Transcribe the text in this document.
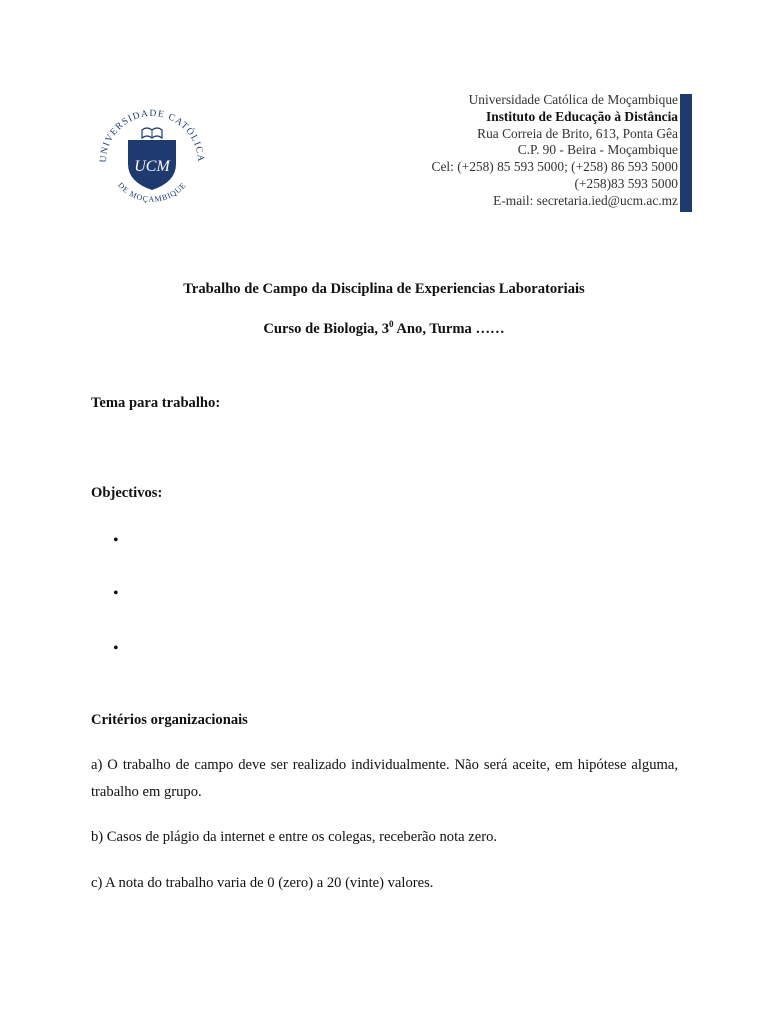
UNIVERSIDADE CATÓLICA
DE MOÇAMBIQUE
UCM
Universidade Católica de Moçambique
Instituto de Educação à Distância
Rua Correia de Brito, 613, Ponta Gêa
C.P. 90 - Beira - Moçambique
Cel: (+258) 85 593 5000; (+258) 86 593 5000
(+258)83 593 5000
E-mail: secretaria.ied@ucm.ac.mz
Trabalho de Campo da Disciplina de Experiencias Laboratoriais
Curso de Biologia, $3^0$ Ano, Turma ……
Tema para trabalho:
Objectivos:
•
•
•
Critérios organizacionais
a) O trabalho de campo deve ser realizado individualmente. Não será aceite, em hipótese alguma, trabalho em grupo.
b) Casos de plágio da internet e entre os colegas, receberão nota zero.
c) A nota do trabalho varia de 0 (zero) a 20 (vinte) valores.
